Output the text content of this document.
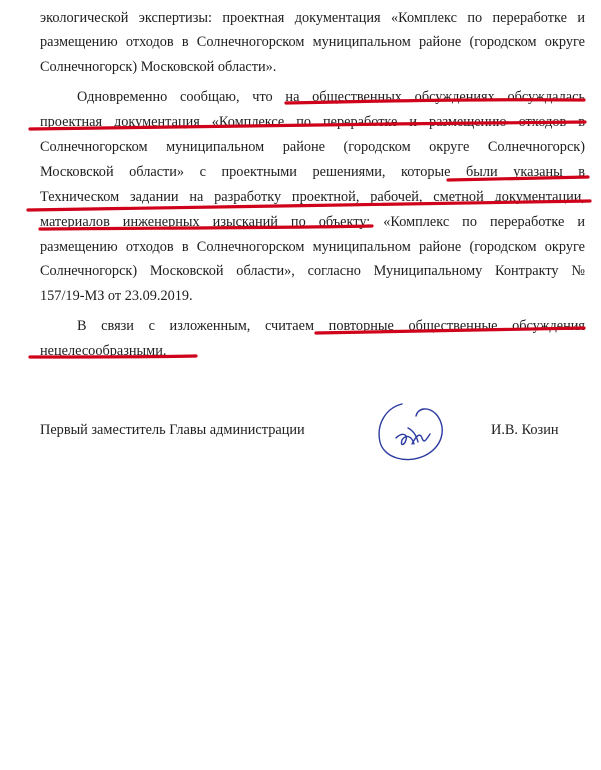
экологической экспертизы: проектная документация «Комплекс по переработке и
размещению отходов в Солнечногорском муниципальном районе (городском округе
Солнечногорск) Московской области».
Одновременно сообщаю, что на общественных обсуждениях обсуждалась
проектная документация «Комплексе по переработке и размещению отходов в
Солнечногорском муниципальном районе (городском округе Солнечногорск)
Московской области» с проектными решениями, которые были указаны в
Техническом задании на разработку проектной, рабочей, сметной документации,
материалов инженерных изысканий по объекту: «Комплекс по переработке и
размещению отходов в Солнечногорском муниципальном районе (городском округе
Солнечногорск) Московской области», согласно Муниципальному Контракту №
157/19-МЗ от 23.09.2019.
В связи с изложенным, считаем повторные общественные обсуждения
нецелесообразными.
Первый заместитель Главы администрации	И.В. Козин
